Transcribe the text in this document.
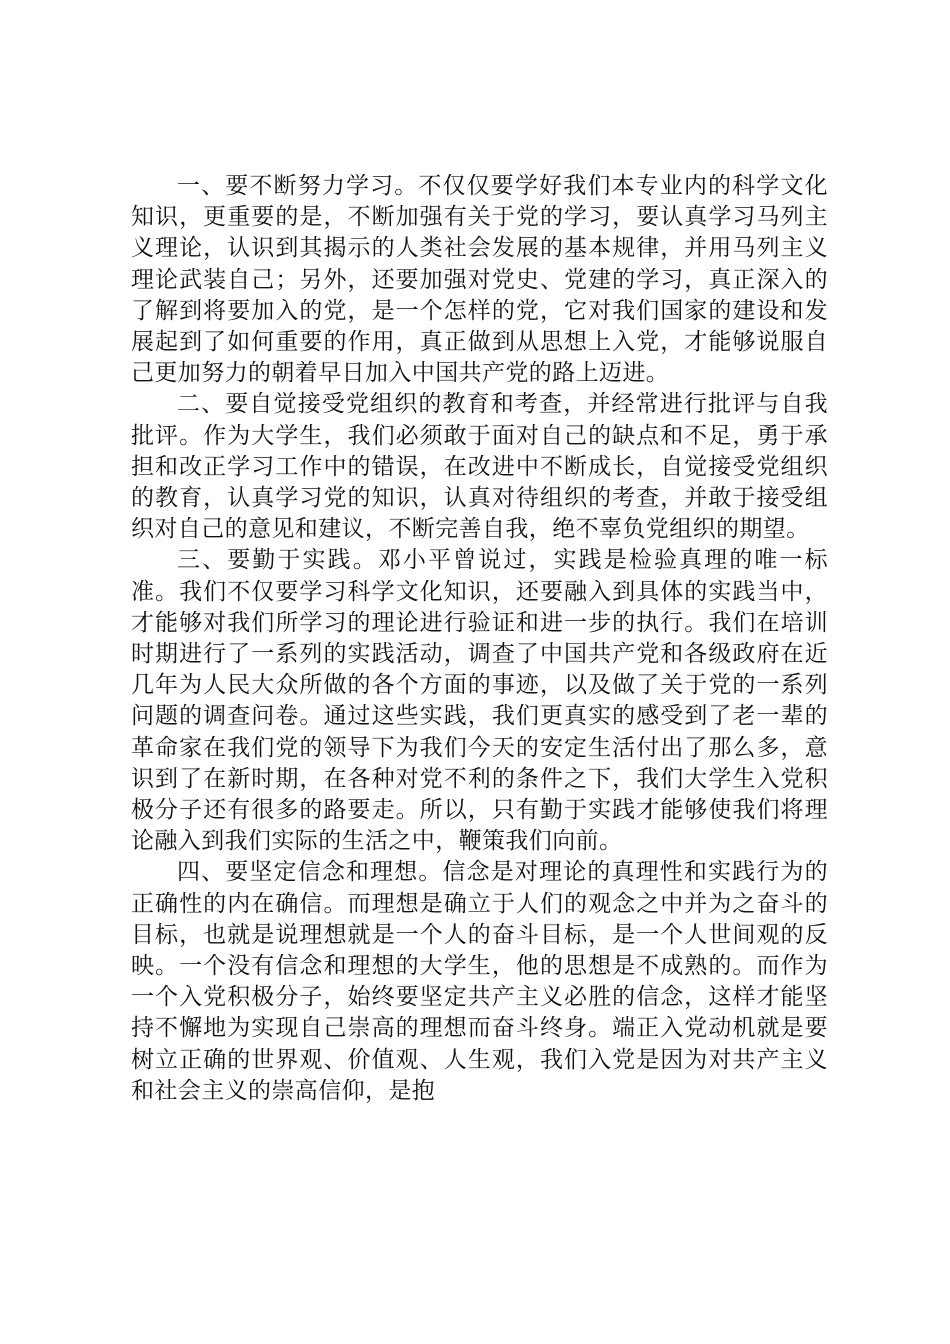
一、要不断努力学习。不仅仅要学好我们本专业内的科学文化知识，更重要的是，不断加强有关于党的学习，要认真学习马列主义理论，认识到其揭示的人类社会发展的基本规律，并用马列主义理论武装自己；另外，还要加强对党史、党建的学习，真正深入的了解到将要加入的党，是一个怎样的党，它对我们国家的建设和发展起到了如何重要的作用，真正做到从思想上入党，才能够说服自己更加努力的朝着早日加入中国共产党的路上迈进。

二、要自觉接受党组织的教育和考查，并经常进行批评与自我批评。作为大学生，我们必须敢于面对自己的缺点和不足，勇于承担和改正学习工作中的错误，在改进中不断成长，自觉接受党组织的教育，认真学习党的知识，认真对待组织的考查，并敢于接受组织对自己的意见和建议，不断完善自我，绝不辜负党组织的期望。

三、要勤于实践。邓小平曾说过，实践是检验真理的唯一标准。我们不仅要学习科学文化知识，还要融入到具体的实践当中，才能够对我们所学习的理论进行验证和进一步的执行。我们在培训时期进行了一系列的实践活动，调查了中国共产党和各级政府在近几年为人民大众所做的各个方面的事迹，以及做了关于党的一系列问题的调查问卷。通过这些实践，我们更真实的感受到了老一辈的革命家在我们党的领导下为我们今天的安定生活付出了那么多，意识到了在新时期，在各种对党不利的条件之下，我们大学生入党积极分子还有很多的路要走。所以，只有勤于实践才能够使我们将理论融入到我们实际的生活之中，鞭策我们向前。

四、要坚定信念和理想。信念是对理论的真理性和实践行为的正确性的内在确信。而理想是确立于人们的观念之中并为之奋斗的目标，也就是说理想就是一个人的奋斗目标，是一个人世间观的反映。一个没有信念和理想的大学生，他的思想是不成熟的。而作为一个入党积极分子，始终要坚定共产主义必胜的信念，这样才能坚持不懈地为实现自己崇高的理想而奋斗终身。端正入党动机就是要树立正确的世界观、价值观、人生观，我们入党是因为对共产主义和社会主义的崇高信仰，是抱
